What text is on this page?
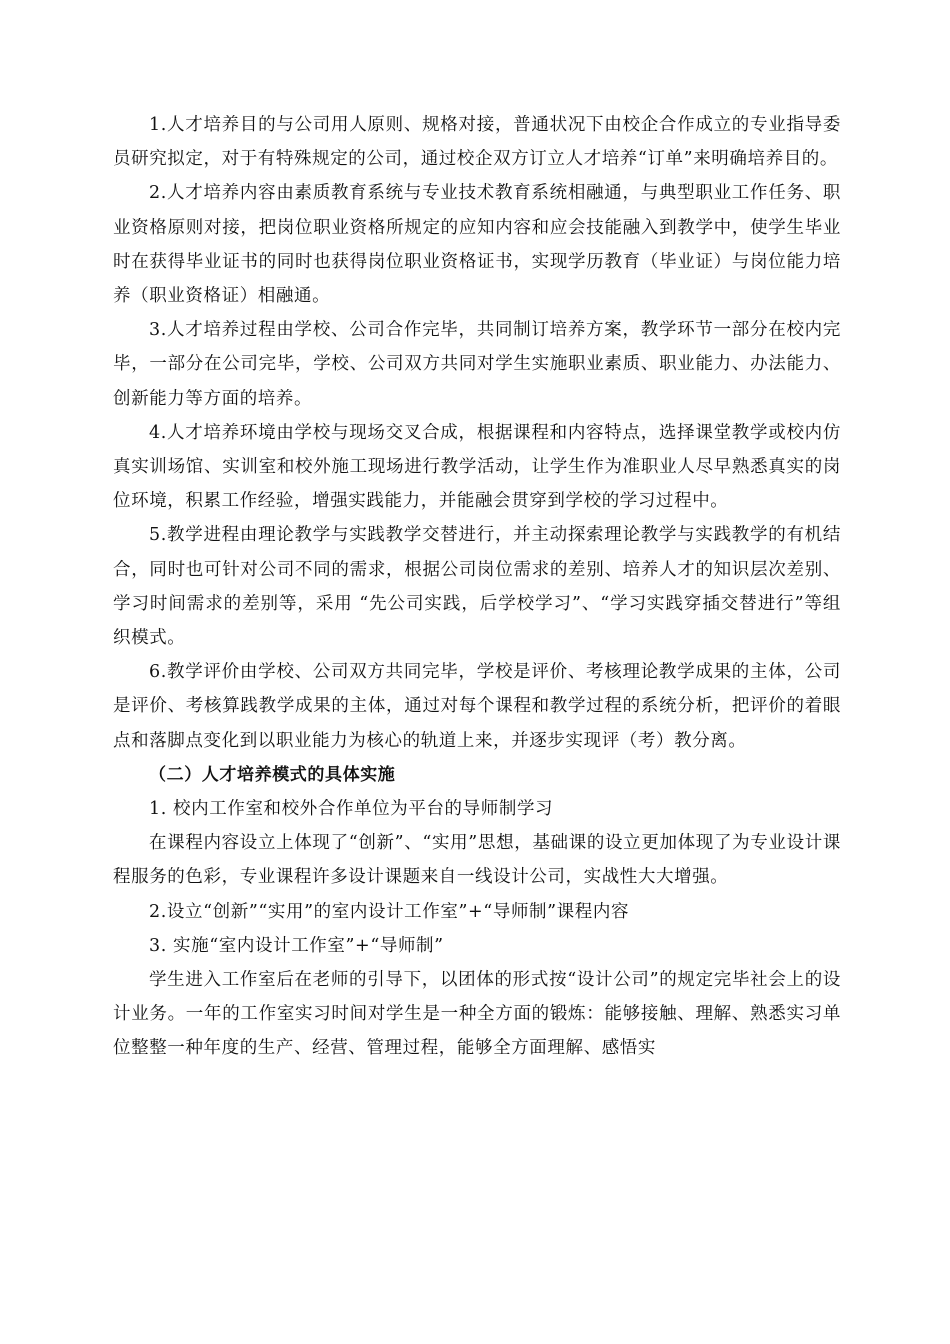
1.人才培养目的与公司用人原则、规格对接，普通状况下由校企合作成立的专业指导委员研究拟定，对于有特殊规定的公司，通过校企双方订立人才培养“订单”来明确培养目的。

2.人才培养内容由素质教育系统与专业技术教育系统相融通，与典型职业工作任务、职业资格原则对接，把岗位职业资格所规定的应知内容和应会技能融入到教学中，使学生毕业时在获得毕业证书的同时也获得岗位职业资格证书，实现学历教育（毕业证）与岗位能力培养（职业资格证）相融通。

3.人才培养过程由学校、公司合作完毕，共同制订培养方案，教学环节一部分在校内完毕，一部分在公司完毕，学校、公司双方共同对学生实施职业素质、职业能力、办法能力、创新能力等方面的培养。

4.人才培养环境由学校与现场交叉合成，根据课程和内容特点，选择课堂教学或校内仿真实训场馆、实训室和校外施工现场进行教学活动，让学生作为准职业人尽早熟悉真实的岗位环境，积累工作经验，增强实践能力，并能融会贯穿到学校的学习过程中。

5.教学进程由理论教学与实践教学交替进行，并主动探索理论教学与实践教学的有机结合，同时也可针对公司不同的需求，根据公司岗位需求的差别、培养人才的知识层次差别、学习时间需求的差别等，采用 “先公司实践，后学校学习”、“学习实践穿插交替进行”等组织模式。

6.教学评价由学校、公司双方共同完毕，学校是评价、考核理论教学成果的主体，公司是评价、考核算践教学成果的主体，通过对每个课程和教学过程的系统分析，把评价的着眼点和落脚点变化到以职业能力为核心的轨道上来，并逐步实现评（考）教分离。

（二）人才培养模式的具体实施

1. 校内工作室和校外合作单位为平台的导师制学习

在课程内容设立上体现了“创新”、“实用”思想，基础课的设立更加体现了为专业设计课程服务的色彩，专业课程许多设计课题来自一线设计公司，实战性大大增强。

2.设立“创新”“实用”的室内设计工作室”+“导师制”课程内容

3. 实施“室内设计工作室”+“导师制”

学生进入工作室后在老师的引导下，以团体的形式按“设计公司”的规定完毕社会上的设计业务。一年的工作室实习时间对学生是一种全方面的锻炼：能够接触、理解、熟悉实习单位整整一种年度的生产、经营、管理过程，能够全方面理解、感悟实
